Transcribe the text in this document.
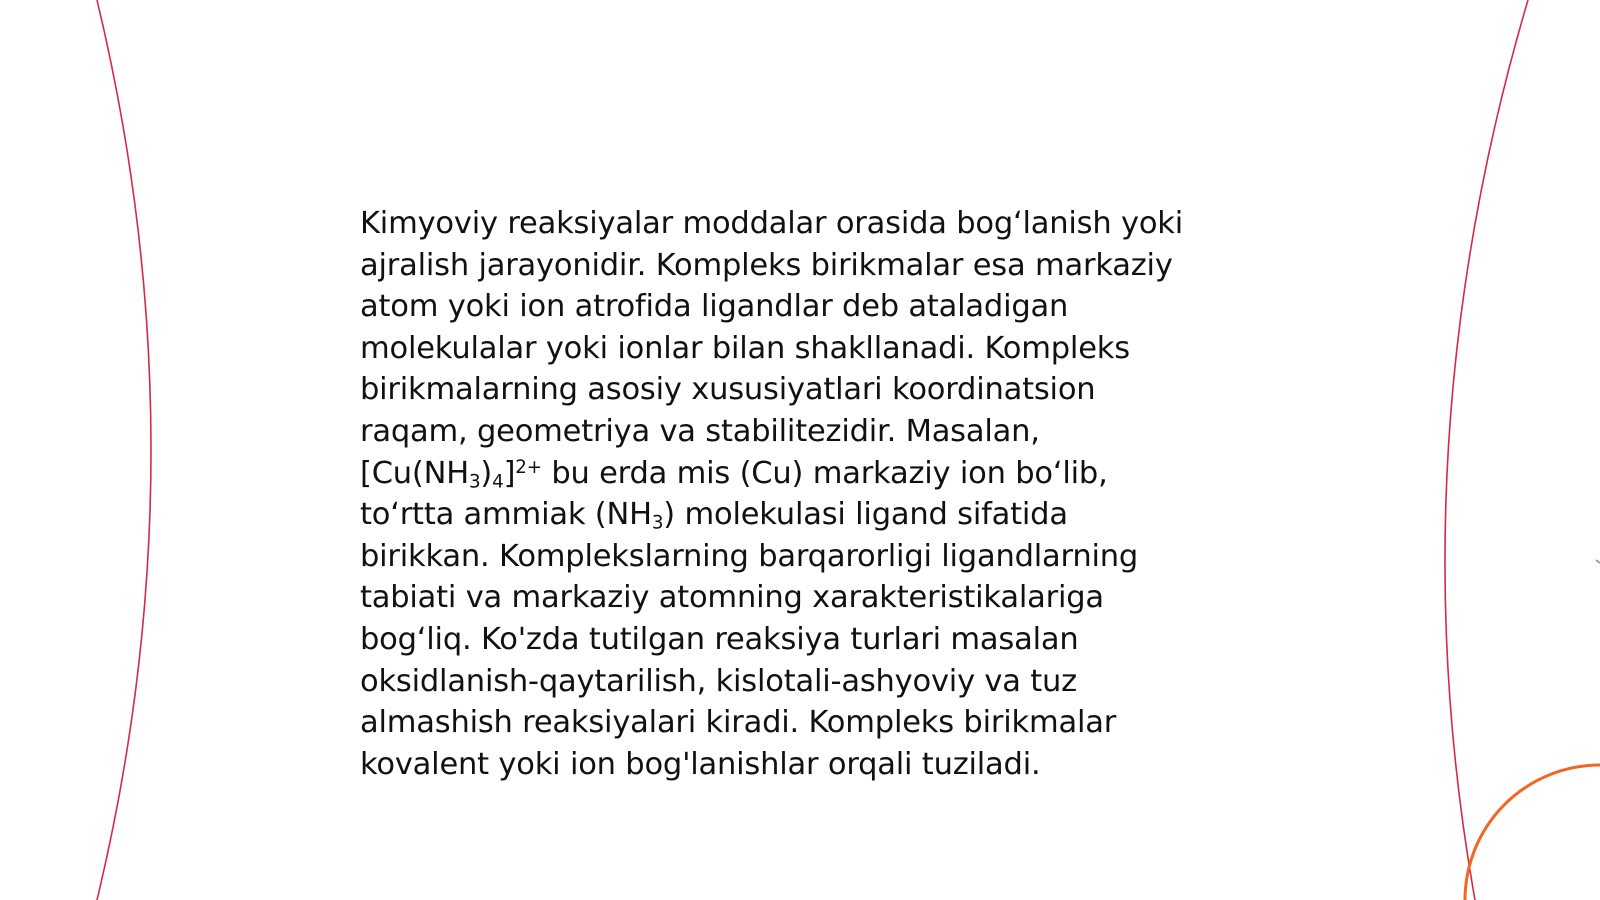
Kimyoviy reaksiyalar moddalar orasida bog‘lanish yoki
ajralish jarayonidir. Kompleks birikmalar esa markaziy
atom yoki ion atrofida ligandlar deb ataladigan
molekulalar yoki ionlar bilan shakllanadi. Kompleks
birikmalarning asosiy xususiyatlari koordinatsion
raqam, geometriya va stabilitezidir. Masalan,
$[Cu(NH_3)_4]^{2+}$ bu erda mis (Cu) markaziy ion bo‘lib,
to‘rtta ammiak $(NH_3)$ molekulasi ligand sifatida
birikkan. Komplekslarning barqarorligi ligandlarning
tabiati va markaziy atomning xarakteristikalariga
bog‘liq. Ko'zda tutilgan reaksiya turlari masalan
oksidlanish-qaytarilish, kislotali-ashyoviy va tuz
almashish reaksiyalari kiradi. Kompleks birikmalar
kovalent yoki ion bog'lanishlar orqali tuziladi.
